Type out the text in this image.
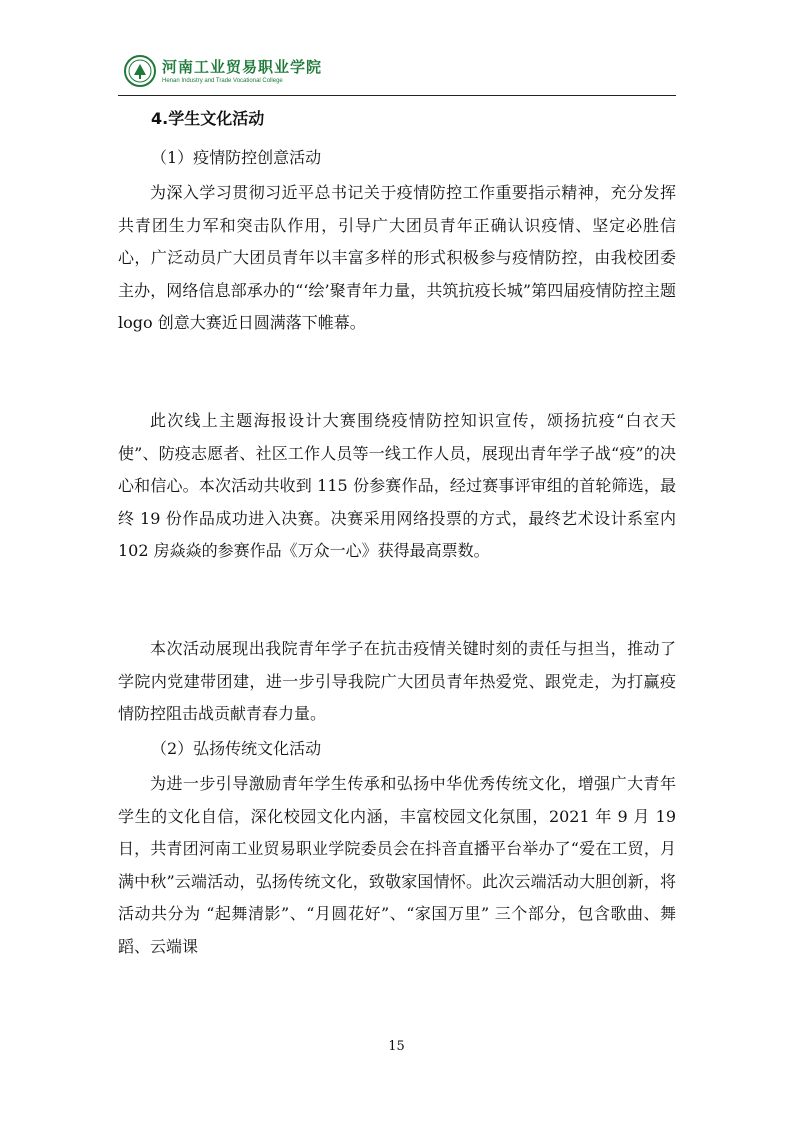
河南工业贸易职业学院
Henan Industry and Trade Vocational College
4.学生文化活动
（1）疫情防控创意活动
为深入学习贯彻习近平总书记关于疫情防控工作重要指示精神，充分发挥共青团生力军和突击队作用，引导广大团员青年正确认识疫情、坚定必胜信心，广泛动员广大团员青年以丰富多样的形式积极参与疫情防控，由我校团委主办，网络信息部承办的“‘绘’聚青年力量，共筑抗疫长城”第四届疫情防控主题 logo 创意大赛近日圆满落下帷幕。
此次线上主题海报设计大赛围绕疫情防控知识宣传，颂扬抗疫“白衣天使”、防疫志愿者、社区工作人员等一线工作人员，展现出青年学子战“疫”的决心和信心。本次活动共收到 115 份参赛作品，经过赛事评审组的首轮筛选，最终 19 份作品成功进入决赛。决赛采用网络投票的方式，最终艺术设计系室内 102 房焱焱的参赛作品《万众一心》获得最高票数。
本次活动展现出我院青年学子在抗击疫情关键时刻的责任与担当，推动了学院内党建带团建，进一步引导我院广大团员青年热爱党、跟党走，为打赢疫情防控阻击战贡献青春力量。
（2）弘扬传统文化活动
为进一步引导激励青年学生传承和弘扬中华优秀传统文化，增强广大青年学生的文化自信，深化校园文化内涵，丰富校园文化氛围，2021 年 9 月 19 日，共青团河南工业贸易职业学院委员会在抖音直播平台举办了“爱在工贸，月满中秋”云端活动，弘扬传统文化，致敬家国情怀。此次云端活动大胆创新，将活动共分为 “起舞清影”、“月圆花好”、“家国万里” 三个部分，包含歌曲、舞蹈、云端课
15
